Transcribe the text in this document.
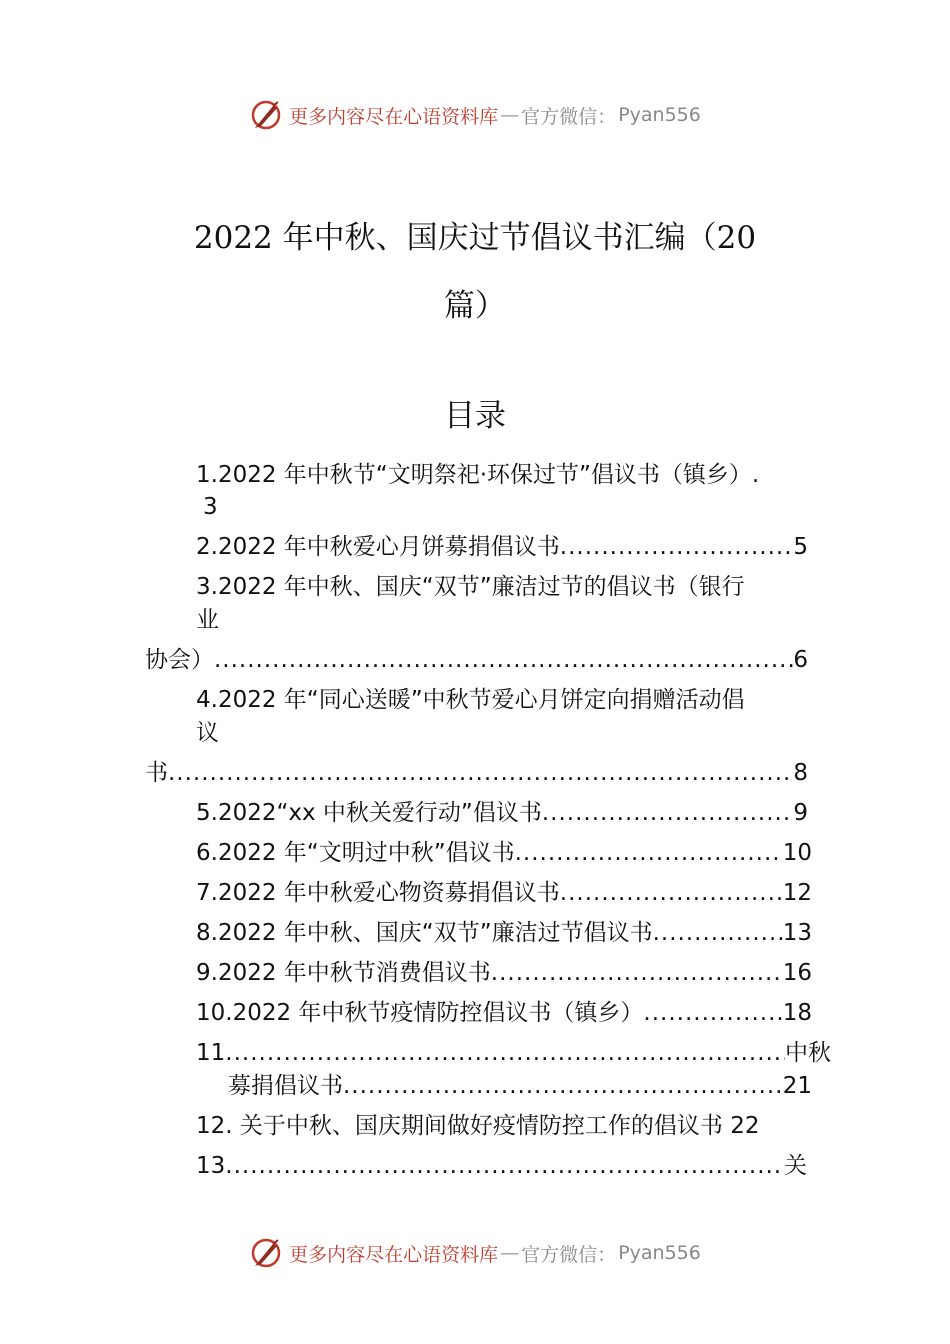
更多内容尽在心语资料库 — 官方微信： Pyan556
2022 年中秋、国庆过节倡议书汇编（20
篇）
目录
1.2022 年中秋节“文明祭祀·环保过节”倡议书（镇乡）.
3
2.2022 年中秋爱心月饼募捐倡议书 .....	5
3.2022 年中秋、国庆“双节”廉洁过节的倡议书（银行
业
协会） .....	6
4.2022 年“同心送暖”中秋节爱心月饼定向捐赠活动倡
议
书 .....	8
5.2022“xx 中秋关爱行动”倡议书 .....	9
6.2022 年“文明过中秋”倡议书 .....	10
7.2022 年中秋爱心物资募捐倡议书 .....	12
8.2022 年中秋、国庆“双节”廉洁过节倡议书 .....	13
9.2022 年中秋节消费倡议书 .....	16
10.2022 年中秋节疫情防控倡议书（镇乡） .....	18
11 .....	中秋
募捐倡议书 .....	21
12. 关于中秋、国庆期间做好疫情防控工作的倡议书 22
13 .....	关
更多内容尽在心语资料库 — 官方微信： Pyan556
